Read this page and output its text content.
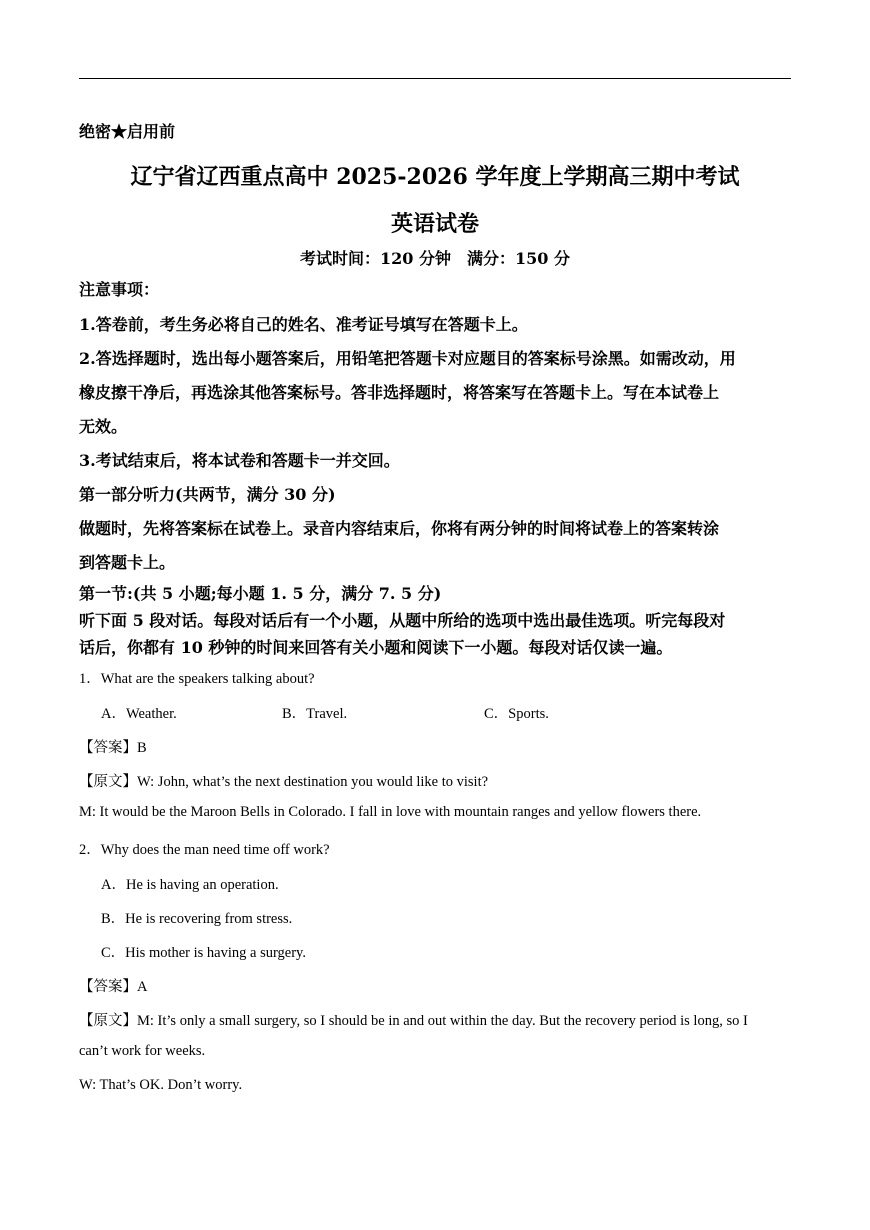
绝密★启用前
辽宁省辽西重点高中 2025-2026 学年度上学期高三期中考试
英语试卷
考试时间：120 分钟　满分：150 分
注意事项：
1.答卷前，考生务必将自己的姓名、准考证号填写在答题卡上。
2.答选择题时，选出每小题答案后，用铅笔把答题卡对应题目的答案标号涂黑。如需改动，用
橡皮擦干净后，再选涂其他答案标号。答非选择题时，将答案写在答题卡上。写在本试卷上
无效。
3.考试结束后，将本试卷和答题卡一并交回。
第一部分听力(共两节，满分 30 分)
做题时，先将答案标在试卷上。录音内容结束后，你将有两分钟的时间将试卷上的答案转涂
到答题卡上。
第一节:(共 5 小题;每小题 1. 5 分，满分 7. 5 分)
听下面 5 段对话。每段对话后有一个小题，从题中所给的选项中选出最佳选项。听完每段对
话后，你都有 10 秒钟的时间来回答有关小题和阅读下一小题。每段对话仅读一遍。
1．What are the speakers talking about?
A．Weather.	B．Travel.	C．Sports.
【答案】B
【原文】W: John, what’s the next destination you would like to visit?
M: It would be the Maroon Bells in Colorado. I fall in love with mountain ranges and yellow flowers there.
2．Why does the man need time off work?
A．He is having an operation.
B．He is recovering from stress.
C．His mother is having a surgery.
【答案】A
【原文】M: It’s only a small surgery, so I should be in and out within the day. But the recovery period is long, so I
can’t work for weeks.
W: That’s OK. Don’t worry.
